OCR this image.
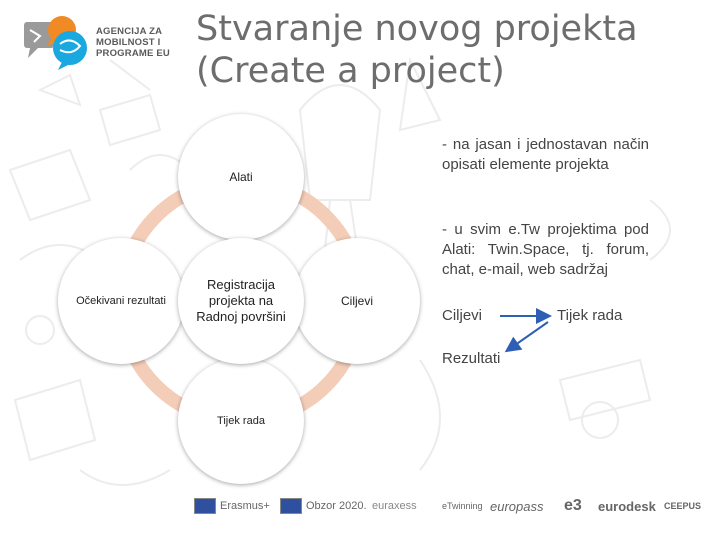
AGENCIJA ZA
MOBILNOST I
PROGRAME EU
Stvaranje novog projekta
(Create a project)
Alati
Očekivani rezultati	Ciljevi
Tijek rada
Registracija projekta na Radnoj površini
- na jasan i jednostavan način opisati elemente projekta
- u svim e.Tw projektima pod Alati: Twin.Space, tj. forum, chat, e-mail, web sadržaj
Ciljevi	Tijek rada
Rezultati
Erasmus+	Obzor 2020. euraxess	eTwinning europass e3 eurodesk CEEPUS
